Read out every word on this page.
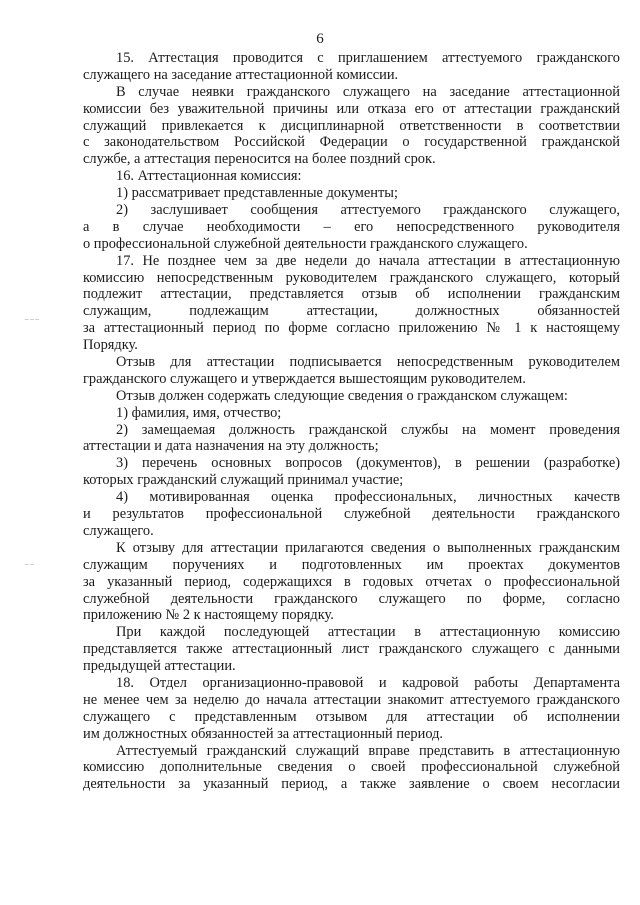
6
⁻⁻⁻
⁻⁻
15. Аттестация проводится с приглашением аттестуемого гражданского
служащего на заседание аттестационной комиссии.
В случае неявки гражданского служащего на заседание аттестационной
комиссии без уважительной причины или отказа его от аттестации гражданский
служащий привлекается к дисциплинарной ответственности в соответствии
с законодательством Российской Федерации о государственной гражданской
службе, а аттестация переносится на более поздний срок.
16. Аттестационная комиссия:
1) рассматривает представленные документы;
2) заслушивает сообщения аттестуемого гражданского служащего,
а в случае необходимости – его непосредственного руководителя
о профессиональной служебной деятельности гражданского служащего.
17. Не позднее чем за две недели до начала аттестации в аттестационную
комиссию непосредственным руководителем гражданского служащего, который
подлежит аттестации, представляется отзыв об исполнении гражданским
служащим, подлежащим аттестации, должностных обязанностей
за аттестационный период по форме согласно приложению № 1 к настоящему
Порядку.
Отзыв для аттестации подписывается непосредственным руководителем
гражданского служащего и утверждается вышестоящим руководителем.
Отзыв должен содержать следующие сведения о гражданском служащем:
1) фамилия, имя, отчество;
2) замещаемая должность гражданской службы на момент проведения
аттестации и дата назначения на эту должность;
3) перечень основных вопросов (документов), в решении (разработке)
которых гражданский служащий принимал участие;
4) мотивированная оценка профессиональных, личностных качеств
и результатов профессиональной служебной деятельности гражданского
служащего.
К отзыву для аттестации прилагаются сведения о выполненных гражданским
служащим поручениях и подготовленных им проектах документов
за указанный период, содержащихся в годовых отчетах о профессиональной
служебной деятельности гражданского служащего по форме, согласно
приложению № 2 к настоящему порядку.
При каждой последующей аттестации в аттестационную комиссию
представляется также аттестационный лист гражданского служащего с данными
предыдущей аттестации.
18. Отдел организационно-правовой и кадровой работы Департамента
не менее чем за неделю до начала аттестации знакомит аттестуемого гражданского
служащего с представленным отзывом для аттестации об исполнении
им должностных обязанностей за аттестационный период.
Аттестуемый гражданский служащий вправе представить в аттестационную
комиссию дополнительные сведения о своей профессиональной служебной
деятельности за указанный период, а также заявление о своем несогласии
